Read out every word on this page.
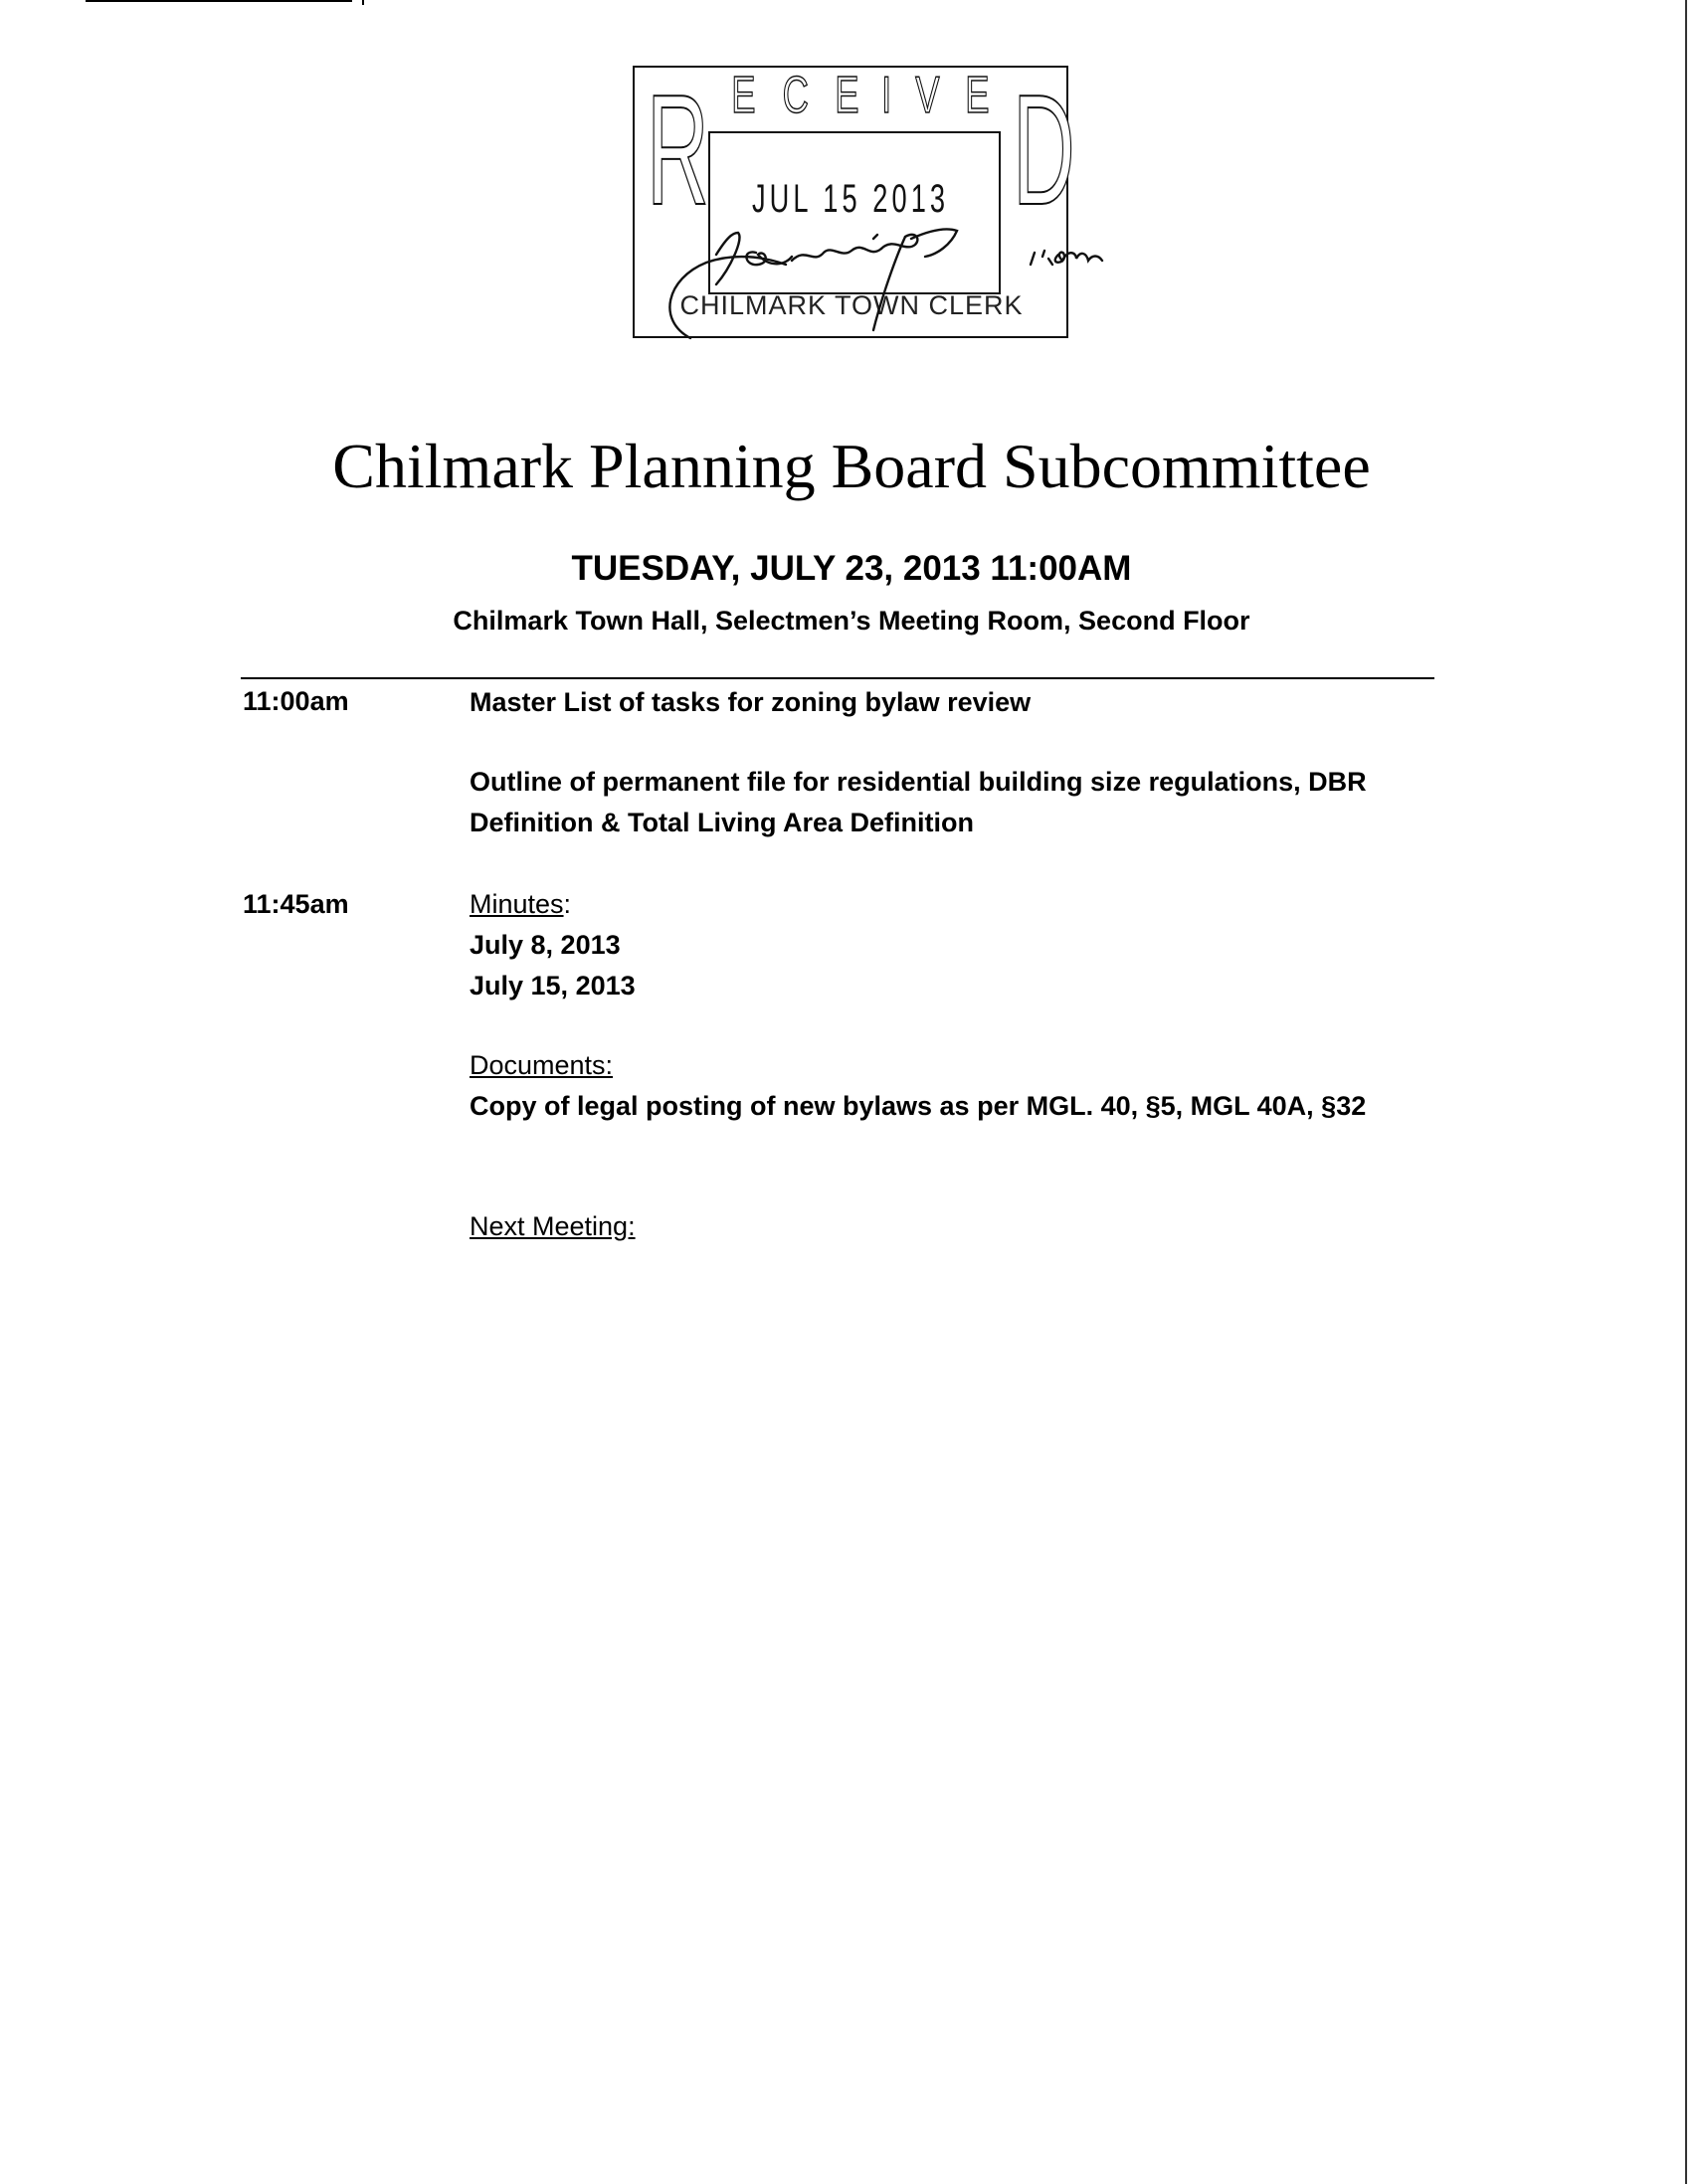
R E C E I V E D
JUL 15 2013
CHILMARK TOWN CLERK
Chilmark Planning Board Subcommittee
TUESDAY, JULY 23, 2013 11:00AM
Chilmark Town Hall, Selectmen’s Meeting Room, Second Floor
11:00am	Master List of tasks for zoning bylaw review
Outline of permanent file for residential building size regulations, DBR
Definition & Total Living Area Definition
11:45am	Minutes:
July 8, 2013
July 15, 2013
Documents:
Copy of legal posting of new bylaws as per MGL. 40, §5, MGL 40A, §32
Next Meeting:
